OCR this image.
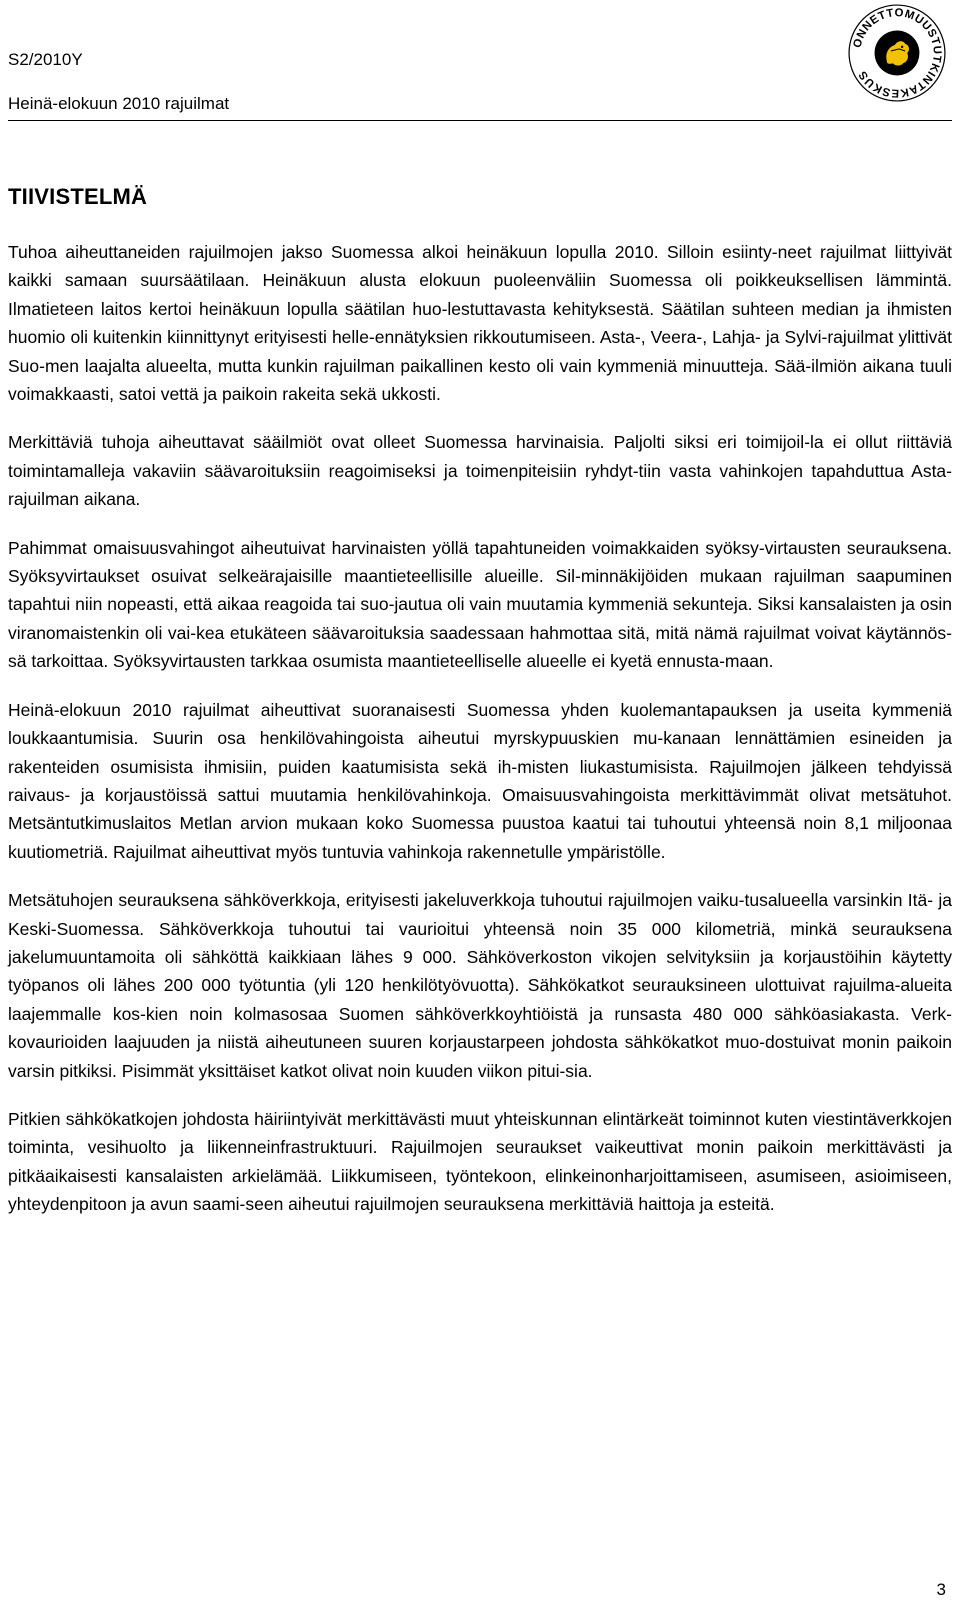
S2/2010Y
Heinä-elokuun 2010 rajuilmat
ONNETTOMUUSTUTKINTAKESKUS
TIIVISTELMÄ

Tuhoa aiheuttaneiden rajuilmojen jakso Suomessa alkoi heinäkuun lopulla 2010. Silloin esiinty-neet rajuilmat liittyivät kaikki samaan suursäätilaan. Heinäkuun alusta elokuun puoleenväliin Suomessa oli poikkeuksellisen lämmintä. Ilmatieteen laitos kertoi heinäkuun lopulla säätilan huo-lestuttavasta kehityksestä. Säätilan suhteen median ja ihmisten huomio oli kuitenkin kiinnittynyt erityisesti helle-ennätyksien rikkoutumiseen. Asta-, Veera-, Lahja- ja Sylvi-rajuilmat ylittivät Suo-men laajalta alueelta, mutta kunkin rajuilman paikallinen kesto oli vain kymmeniä minuutteja. Sää-ilmiön aikana tuuli voimakkaasti, satoi vettä ja paikoin rakeita sekä ukkosti.

Merkittäviä tuhoja aiheuttavat sääilmiöt ovat olleet Suomessa harvinaisia. Paljolti siksi eri toimijoil-la ei ollut riittäviä toimintamalleja vakaviin säävaroituksiin reagoimiseksi ja toimenpiteisiin ryhdyt-tiin vasta vahinkojen tapahduttua Asta-rajuilman aikana.

Pahimmat omaisuusvahingot aiheutuivat harvinaisten yöllä tapahtuneiden voimakkaiden syöksy-virtausten seurauksena. Syöksyvirtaukset osuivat selkeärajaisille maantieteellisille alueille. Sil-minnäkijöiden mukaan rajuilman saapuminen tapahtui niin nopeasti, että aikaa reagoida tai suo-jautua oli vain muutamia kymmeniä sekunteja. Siksi kansalaisten ja osin viranomaistenkin oli vai-kea etukäteen säävaroituksia saadessaan hahmottaa sitä, mitä nämä rajuilmat voivat käytännös-sä tarkoittaa. Syöksyvirtausten tarkkaa osumista maantieteelliselle alueelle ei kyetä ennusta-maan.

Heinä-elokuun 2010 rajuilmat aiheuttivat suoranaisesti Suomessa yhden kuolemantapauksen ja useita kymmeniä loukkaantumisia. Suurin osa henkilövahingoista aiheutui myrskypuuskien mu-kanaan lennättämien esineiden ja rakenteiden osumisista ihmisiin, puiden kaatumisista sekä ih-misten liukastumisista. Rajuilmojen jälkeen tehdyissä raivaus- ja korjaustöissä sattui muutamia henkilövahinkoja. Omaisuusvahingoista merkittävimmät olivat metsätuhot. Metsäntutkimuslaitos Metlan arvion mukaan koko Suomessa puustoa kaatui tai tuhoutui yhteensä noin 8,1 miljoonaa kuutiometriä. Rajuilmat aiheuttivat myös tuntuvia vahinkoja rakennetulle ympäristölle.

Metsätuhojen seurauksena sähköverkkoja, erityisesti jakeluverkkoja tuhoutui rajuilmojen vaiku-tusalueella varsinkin Itä- ja Keski-Suomessa. Sähköverkkoja tuhoutui tai vaurioitui yhteensä noin 35 000 kilometriä, minkä seurauksena jakelumuuntamoita oli sähköttä kaikkiaan lähes 9 000. Sähköverkoston vikojen selvityksiin ja korjaustöihin käytetty työpanos oli lähes 200 000 työtuntia (yli 120 henkilötyövuotta). Sähkökatkot seurauksineen ulottuivat rajuilma-alueita laajemmalle kos-kien noin kolmasosaa Suomen sähköverkkoyhtiöistä ja runsasta 480 000 sähköasiakasta. Verk-kovaurioiden laajuuden ja niistä aiheutuneen suuren korjaustarpeen johdosta sähkökatkot muo-dostuivat monin paikoin varsin pitkiksi. Pisimmät yksittäiset katkot olivat noin kuuden viikon pitui-sia.

Pitkien sähkökatkojen johdosta häiriintyivät merkittävästi muut yhteiskunnan elintärkeät toiminnot kuten viestintäverkkojen toiminta, vesihuolto ja liikenneinfrastruktuuri. Rajuilmojen seuraukset vaikeuttivat monin paikoin merkittävästi ja pitkäaikaisesti kansalaisten arkielämää. Liikkumiseen, työntekoon, elinkeinonharjoittamiseen, asumiseen, asioimiseen, yhteydenpitoon ja avun saami-seen aiheutui rajuilmojen seurauksena merkittäviä haittoja ja esteitä.

3
